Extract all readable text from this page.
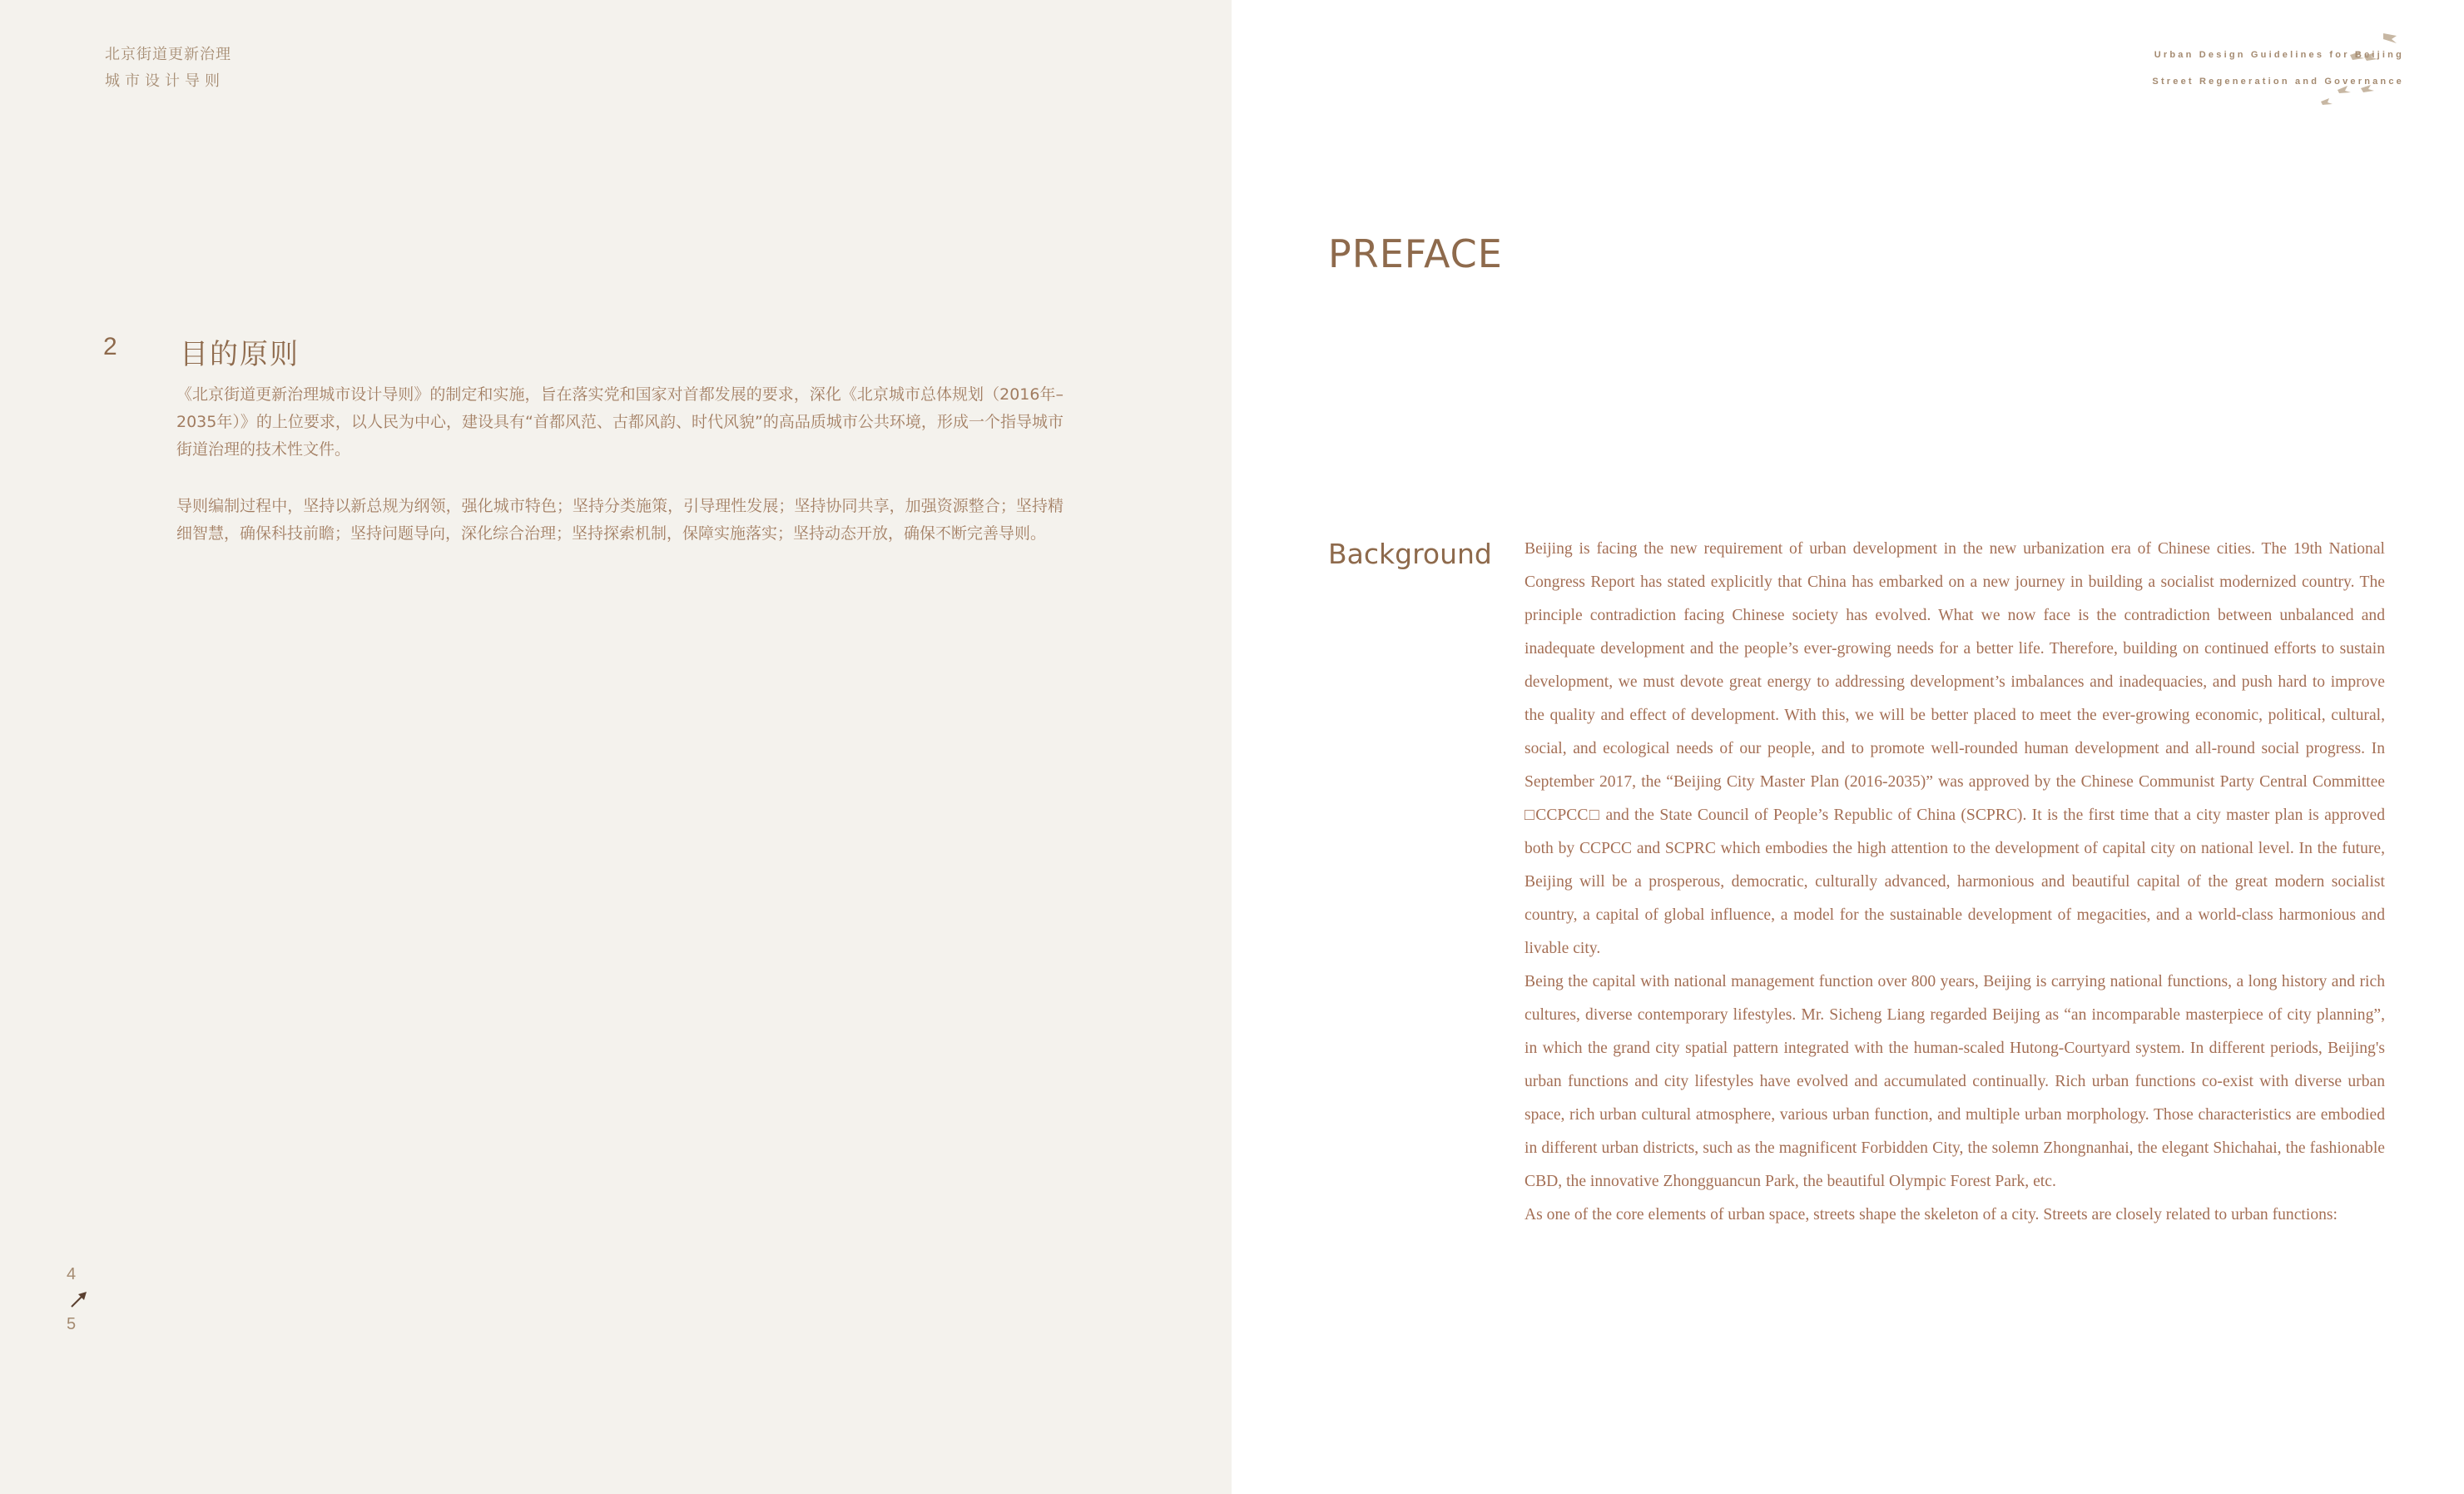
北京街道更新治理
城市设计导则
2 目的原则

《北京街道更新治理城市设计导则》的制定和实施，旨在落实党和国家对首都发展的要求，深化《北京城市总体规划（2016年–2035年）》的上位要求，以人民为中心，建设具有“首都风范、古都风韵、时代风貌”的高品质城市公共环境，形成一个指导城市街道治理的技术性文件。

导则编制过程中，坚持以新总规为纲领，强化城市特色；坚持分类施策，引导理性发展；坚持协同共享，加强资源整合；坚持精细智慧，确保科技前瞻；坚持问题导向，深化综合治理；坚持探索机制，保障实施落实；坚持动态开放，确保不断完善导则。

4
5
Urban Design Guidelines for Beijing
Street Regeneration and Governance
PREFACE
Background Beijing is facing the new requirement of urban development in the new urbanization era of Chinese cities. The 19th National Congress Report has stated explicitly that China has embarked on a new journey in building a socialist modernized country. The principle contradiction facing Chinese society has evolved. What we now face is the contradiction between unbalanced and inadequate development and the people’s ever-growing needs for a better life. Therefore, building on continued efforts to sustain development, we must devote great energy to addressing development’s imbalances and inadequacies, and push hard to improve the quality and effect of development. With this, we will be better placed to meet the ever-growing economic, political, cultural, social, and ecological needs of our people, and to promote well-rounded human development and all-round social progress. In September 2017, the “Beijing City Master Plan (2016-2035)” was approved by the Chinese Communist Party Central Committee □CCPCC□ and the State Council of People’s Republic of China (SCPRC). It is the first time that a city master plan is approved both by CCPCC and SCPRC which embodies the high attention to the development of capital city on national level. In the future, Beijing will be a prosperous, democratic, culturally advanced, harmonious and beautiful capital of the great modern socialist country, a capital of global influence, a model for the sustainable development of megacities, and a world-class harmonious and livable city.

Being the capital with national management function over 800 years, Beijing is carrying national functions, a long history and rich cultures, diverse contemporary lifestyles. Mr. Sicheng Liang regarded Beijing as “an incomparable masterpiece of city planning”, in which the grand city spatial pattern integrated with the human-scaled Hutong-Courtyard system. In different periods, Beijing's urban functions and city lifestyles have evolved and accumulated continually. Rich urban functions co-exist with diverse urban space, rich urban cultural atmosphere, various urban function, and multiple urban morphology. Those characteristics are embodied in different urban districts, such as the magnificent Forbidden City, the solemn Zhongnanhai, the elegant Shichahai, the fashionable CBD, the innovative Zhongguancun Park, the beautiful Olympic Forest Park, etc.

As one of the core elements of urban space, streets shape the skeleton of a city. Streets are closely related to urban functions:
